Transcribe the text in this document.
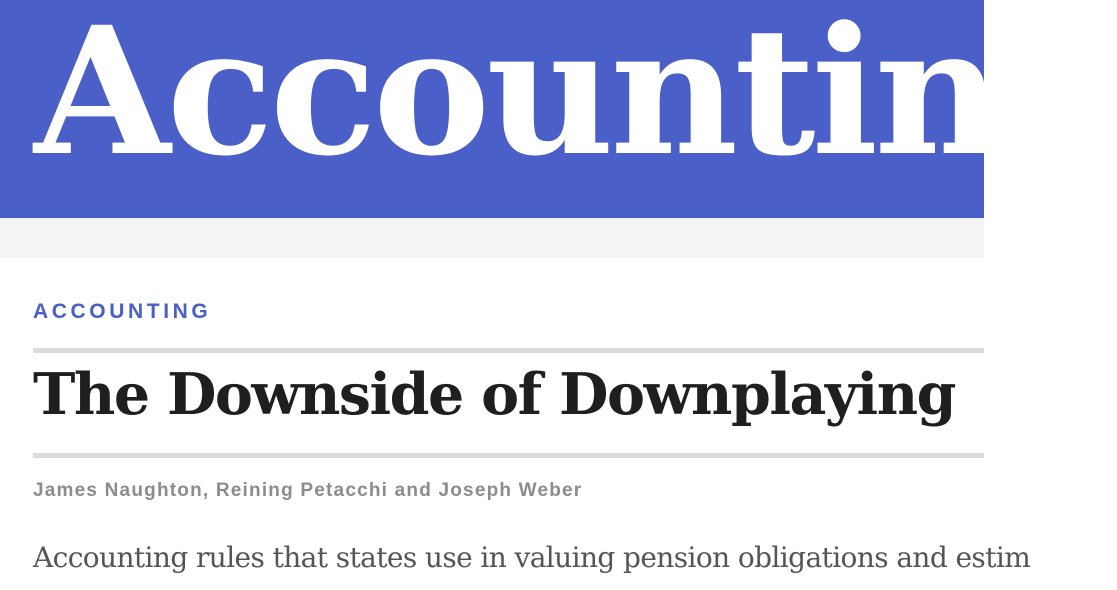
Accounting
ACCOUNTING
The Downside of Downplaying
James Naughton, Reining Petacchi and Joseph Weber

Accounting rules that states use in valuing pension obligations and estim
